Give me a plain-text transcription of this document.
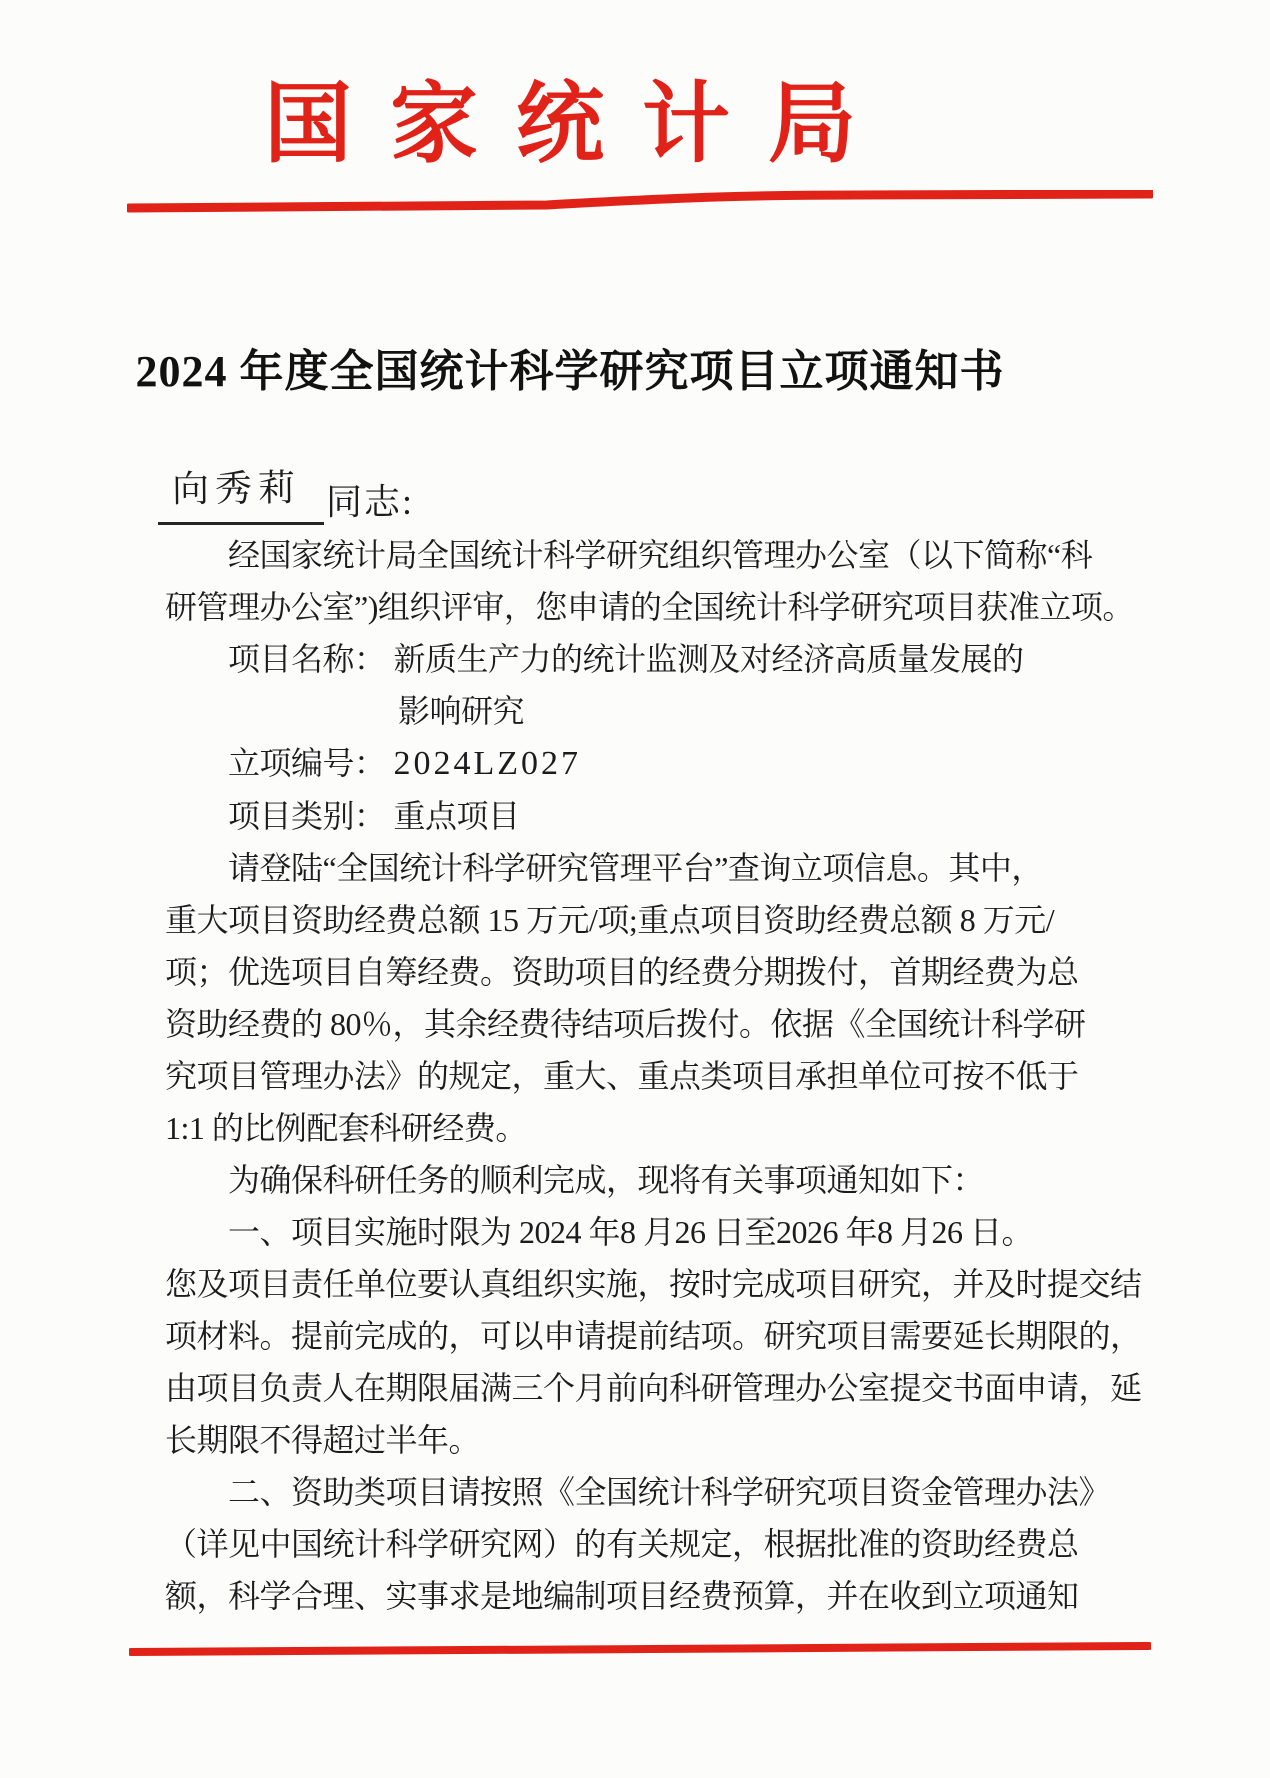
国家统计局
2024 年度全国统计科学研究项目立项通知书
向秀莉 同志:
经国家统计局全国统计科学研究组织管理办公室（以下简称“科
研管理办公室”)组织评审，您申请的全国统计科学研究项目获准立项。
项目名称： 新质生产力的统计监测及对经济高质量发展的
影响研究
立项编号： 2024LZ027
项目类别： 重点项目
请登陆“全国统计科学研究管理平台”查询立项信息。其中，
重大项目资助经费总额 15 万元/项;重点项目资助经费总额 8 万元/
项；优选项目自筹经费。资助项目的经费分期拨付，首期经费为总
资助经费的 80％，其余经费待结项后拨付。依据《全国统计科学研
究项目管理办法》的规定，重大、重点类项目承担单位可按不低于
1:1 的比例配套科研经费。
为确保科研任务的顺利完成，现将有关事项通知如下：
一、项目实施时限为 2024 年8 月26 日至2026 年8 月26 日。
您及项目责任单位要认真组织实施，按时完成项目研究，并及时提交结
项材料。提前完成的，可以申请提前结项。研究项目需要延长期限的，
由项目负责人在期限届满三个月前向科研管理办公室提交书面申请，延
长期限不得超过半年。
二、资助类项目请按照《全国统计科学研究项目资金管理办法》
（详见中国统计科学研究网）的有关规定，根据批准的资助经费总
额，科学合理、实事求是地编制项目经费预算，并在收到立项通知
